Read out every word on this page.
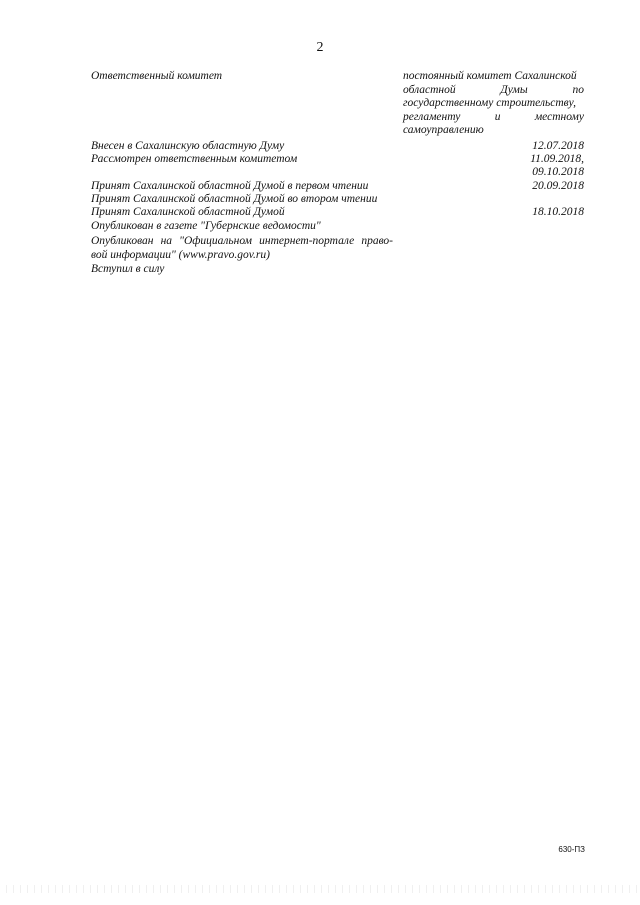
2
Ответственный комитет	постоянный комитет Сахалинской
областной Думы по
государственному строительству,
регламенту и местному
самоуправлению
Внесен в Сахалинскую областную Думу	12.07.2018
Рассмотрен ответственным комитетом	11.09.2018,
09.10.2018
Принят Сахалинской областной Думой в первом чтении	20.09.2018
Принят Сахалинской областной Думой во втором чтении
Принят Сахалинской областной Думой	18.10.2018
Опубликован в газете "Губернские ведомости"
Опубликован на "Официальном интернет-портале право-
вой информации" (www.pravo.gov.ru)
Вступил в силу
630-ПЗ
